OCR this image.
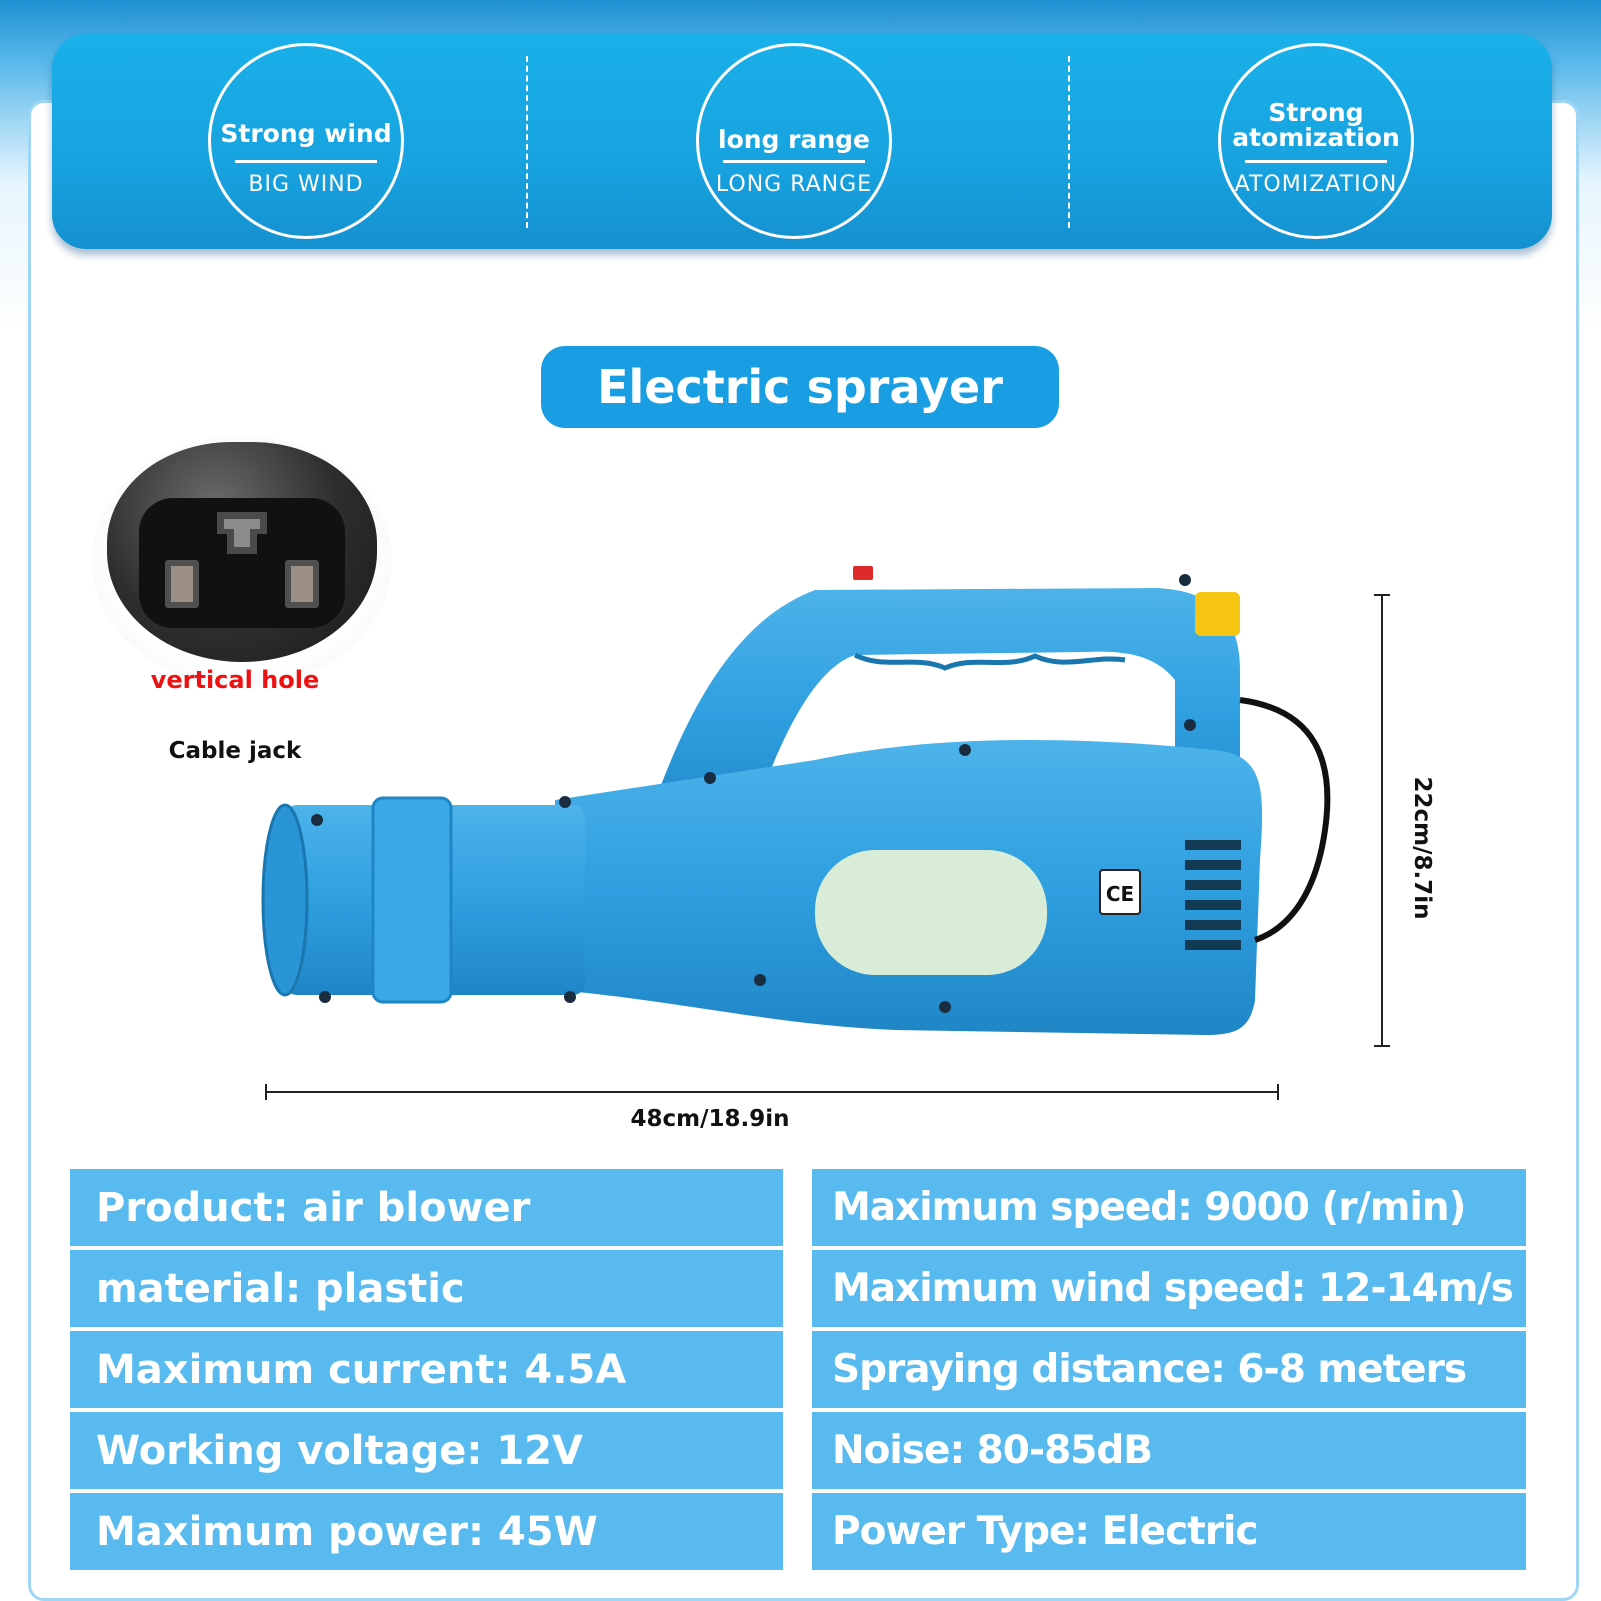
Strong wind
BIG WIND
long range
LONG RANGE
Strong
atomization
ATOMIZATION
Electric sprayer
vertical hole
Cable jack
CE
48cm/18.9in
22cm/8.7in
Product: air blower
material: plastic
Maximum current: 4.5A
Working voltage: 12V
Maximum power: 45W
Maximum speed: 9000 (r/min)
Maximum wind speed: 12-14m/s
Spraying distance: 6-8 meters
Noise: 80-85dB
Power Type: Electric
